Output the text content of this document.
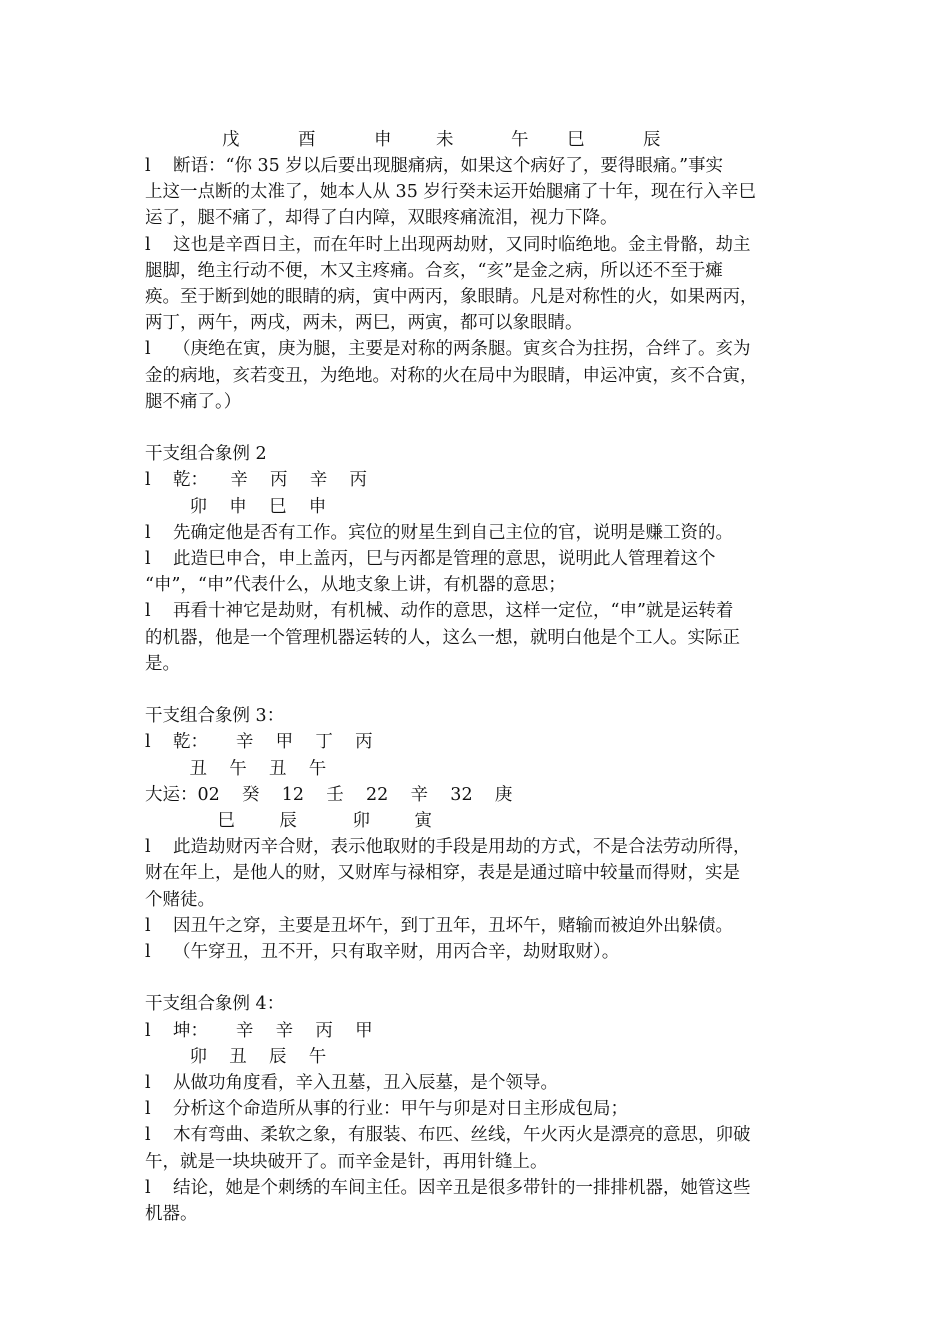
戊	酉	申	未	午 巳	辰
l 断语：“你 35 岁以后要出现腿痛病，如果这个病好了，要得眼痛。”事实
上这一点断的太准了，她本人从 35 岁行癸未运开始腿痛了十年，现在行入辛巳
运了，腿不痛了，却得了白内障，双眼疼痛流泪，视力下降。
l 这也是辛酉日主，而在年时上出现两劫财，又同时临绝地。金主骨骼，劫主
腿脚，绝主行动不便，木又主疼痛。合亥，“亥”是金之病，所以还不至于瘫
痪。至于断到她的眼睛的病，寅中两丙，象眼睛。凡是对称性的火，如果两丙，
两丁，两午，两戌，两未，两巳，两寅，都可以象眼睛。
l （庚绝在寅，庚为腿，主要是对称的两条腿。寅亥合为拄拐，合绊了。亥为
金的病地，亥若变丑，为绝地。对称的火在局中为眼睛，申运冲寅，亥不合寅，
腿不痛了。）
干支组合象例 2
l 乾：    辛    丙    辛    丙
卯    申    巳    申
l 先确定他是否有工作。宾位的财星生到自己主位的官，说明是赚工资的。
l 此造巳申合，申上盖丙，巳与丙都是管理的意思，说明此人管理着这个
“申”，“申”代表什么，从地支象上讲，有机器的意思；
l 再看十神它是劫财，有机械、动作的意思，这样一定位，“申”就是运转着
的机器，他是一个管理机器运转的人，这么一想，就明白他是个工人。实际正
是。
干支组合象例 3：
l 乾：     辛    甲    丁    丙
丑    午    丑    午
大运：02    癸    12    壬    22    辛    32    庚
巳        辰          卯        寅
l 此造劫财丙辛合财，表示他取财的手段是用劫的方式，不是合法劳动所得，
财在年上，是他人的财，又财库与禄相穿，表是是通过暗中较量而得财，实是
个赌徒。
l 因丑午之穿，主要是丑坏午，到丁丑年，丑坏午，赌输而被迫外出躲债。
l （午穿丑，丑不开，只有取辛财，用丙合辛，劫财取财）。
干支组合象例 4：
l 坤：     辛    辛    丙    甲
卯    丑    辰    午
l 从做功角度看，辛入丑墓，丑入辰墓，是个领导。
l 分析这个命造所从事的行业：甲午与卯是对日主形成包局；
l 木有弯曲、柔软之象，有服装、布匹、丝线，午火丙火是漂亮的意思，卯破
午，就是一块块破开了。而辛金是针，再用针缝上。
l 结论，她是个刺绣的车间主任。因辛丑是很多带针的一排排机器，她管这些
机器。
